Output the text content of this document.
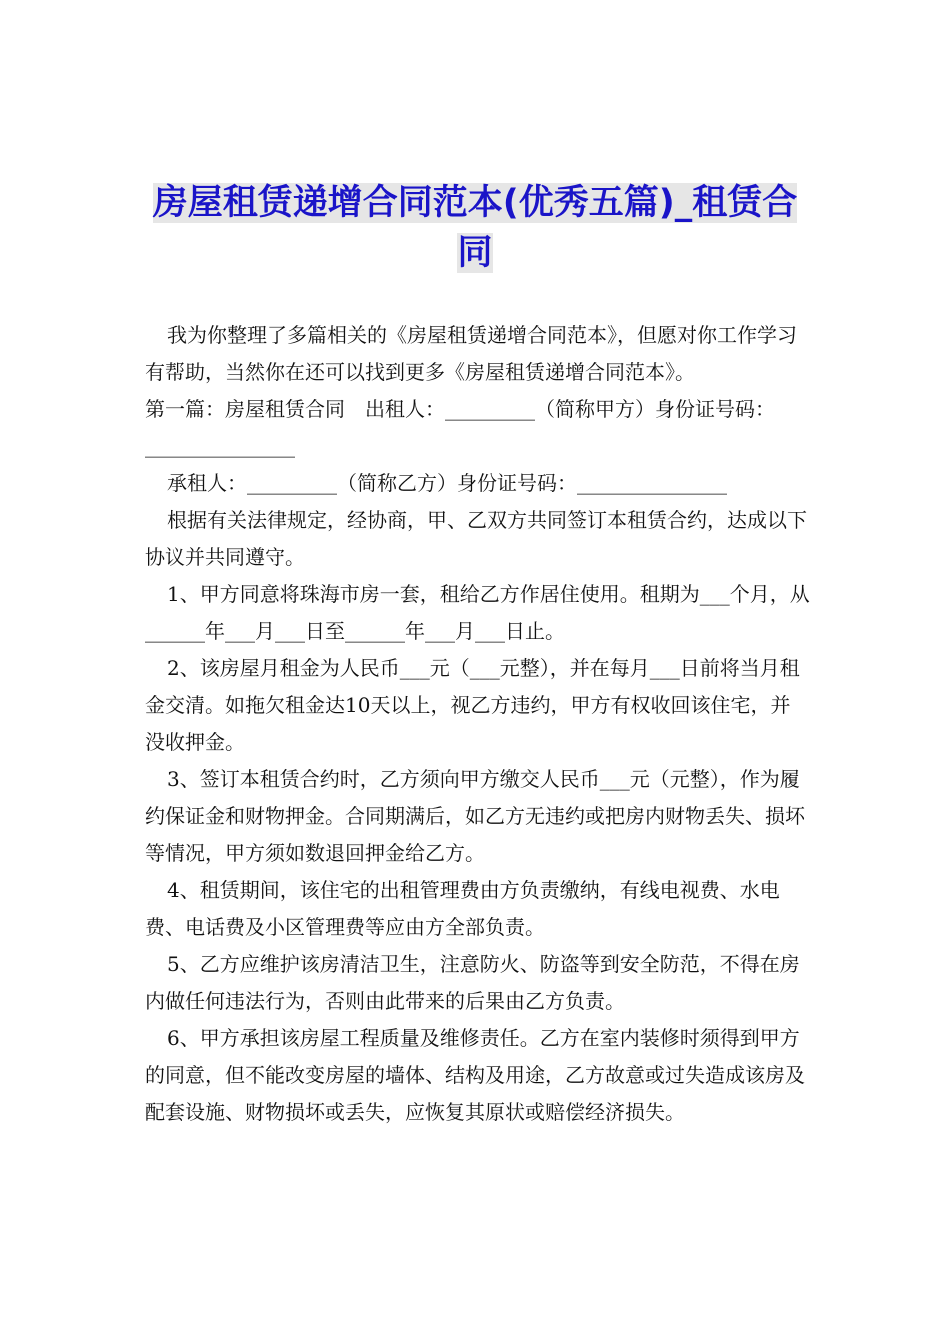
房屋租赁递增合同范本(优秀五篇)_租赁合同

我为你整理了多篇相关的《房屋租赁递增合同范本》，但愿对你工作学习有帮助，当然你在还可以找到更多《房屋租赁递增合同范本》。

第一篇：房屋租赁合同　出租人：_________（简称甲方）身份证号码：_______________

承租人：_________（简称乙方）身份证号码：_______________

根据有关法律规定，经协商，甲、乙双方共同签订本租赁合约，达成以下协议并共同遵守。

1、甲方同意将珠海市房一套，租给乙方作居住使用。租期为___个月，从______年___月___日至______年___月___日止。

2、该房屋月租金为人民币___元（___元整），并在每月___日前将当月租金交清。如拖欠租金达10天以上，视乙方违约，甲方有权收回该住宅，并没收押金。

3、签订本租赁合约时，乙方须向甲方缴交人民币___元（元整），作为履约保证金和财物押金。合同期满后，如乙方无违约或把房内财物丢失、损坏等情况，甲方须如数退回押金给乙方。

4、租赁期间，该住宅的出租管理费由方负责缴纳，有线电视费、水电费、电话费及小区管理费等应由方全部负责。

5、乙方应维护该房清洁卫生，注意防火、防盗等到安全防范，不得在房内做任何违法行为，否则由此带来的后果由乙方负责。

6、甲方承担该房屋工程质量及维修责任。乙方在室内装修时须得到甲方的同意，但不能改变房屋的墙体、结构及用途，乙方故意或过失造成该房及配套设施、财物损坏或丢失，应恢复其原状或赔偿经济损失。
